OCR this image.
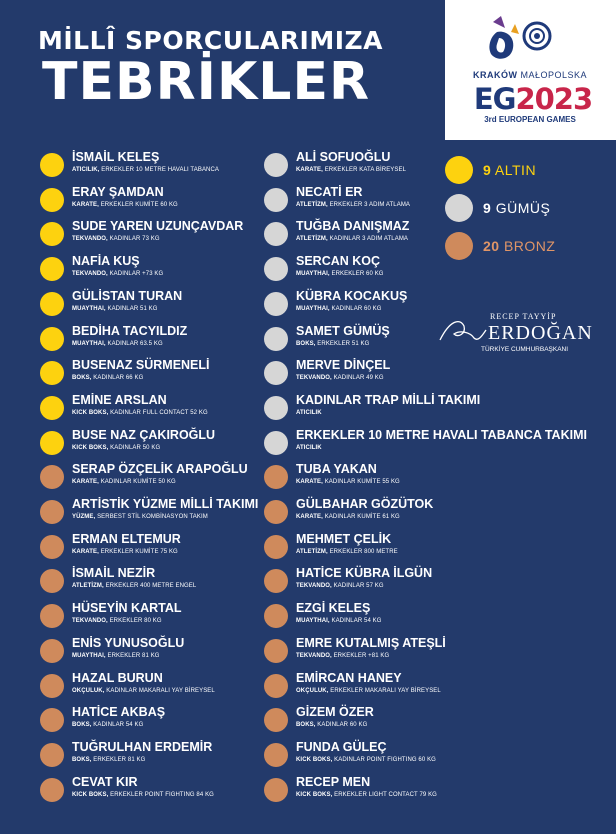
MİLLÎ SPORCULARIMIZA
TEBRİKLER	KRAKÓW MAŁOPOLSKA
EG2023
3rd EUROPEAN GAMES
İSMAİL KELEŞ
ATICILIK, ERKEKLER 10 METRE HAVALI TABANCA
ERAY ŞAMDAN
KARATE, ERKEKLER KUMİTE 60 KG
SUDE YAREN UZUNÇAVDAR
TEKVANDO, KADINLAR 73 KG
NAFİA KUŞ
TEKVANDO, KADINLAR +73 KG
GÜLİSTAN TURAN
MUAYTHAI, KADINLAR 51 KG
BEDİHA TACYILDIZ
MUAYTHAI, KADINLAR 63.5 KG
BUSENAZ SÜRMENELİ
BOKS, KADINLAR 66 KG
EMİNE ARSLAN
KICK BOKS, KADINLAR FULL CONTACT 52 KG
BUSE NAZ ÇAKIROĞLU
KICK BOKS, KADINLAR 50 KG
SERAP ÖZÇELİK ARAPOĞLU
KARATE, KADINLAR KUMİTE 50 KG
ARTİSTİK YÜZME MİLLİ TAKIMI
YÜZME, SERBEST STİL KOMBİNASYON TAKIM
ERMAN ELTEMUR
KARATE, ERKEKLER KUMİTE 75 KG
İSMAİL NEZİR
ATLETİZM, ERKEKLER 400 METRE ENGEL
HÜSEYİN KARTAL
TEKVANDO, ERKEKLER 80 KG
ENİS YUNUSOĞLU
MUAYTHAI, ERKEKLER 81 KG
HAZAL BURUN
OKÇULUK, KADINLAR MAKARALI YAY BİREYSEL
HATİCE AKBAŞ
BOKS, KADINLAR 54 KG
TUĞRULHAN ERDEMİR
BOKS, ERKEKLER 81 KG
CEVAT KIR
KICK BOKS, ERKEKLER POINT FIGHTING 84 KG
ALİ SOFUOĞLU
KARATE, ERKEKLER KATA BİREYSEL
NECATİ ER
ATLETİZM, ERKEKLER 3 ADIM ATLAMA
TUĞBA DANIŞMAZ
ATLETİZM, KADINLAR 3 ADIM ATLAMA
SERCAN KOÇ
MUAYTHAI, ERKEKLER 60 KG
KÜBRA KOCAKUŞ
MUAYTHAI, KADINLAR 60 KG
SAMET GÜMÜŞ
BOKS, ERKEKLER 51 KG
MERVE DİNÇEL
TEKVANDO, KADINLAR 49 KG
KADINLAR TRAP MİLLİ TAKIMI
ATICILIK
ERKEKLER 10 METRE HAVALI TABANCA TAKIMI
ATICILIK
TUBA YAKAN
KARATE, KADINLAR KUMİTE 55 KG
GÜLBAHAR GÖZÜTOK
KARATE, KADINLAR KUMİTE 61 KG
MEHMET ÇELİK
ATLETİZM, ERKEKLER 800 METRE
HATİCE KÜBRA İLGÜN
TEKVANDO, KADINLAR 57 KG
EZGİ KELEŞ
MUAYTHAI, KADINLAR 54 KG
EMRE KUTALMIŞ ATEŞLİ
TEKVANDO, ERKEKLER +81 KG
EMİRCAN HANEY
OKÇULUK, ERKEKLER MAKARALI YAY BİREYSEL
GİZEM ÖZER
BOKS, KADINLAR 60 KG
FUNDA GÜLEÇ
KICK BOKS, KADINLAR POINT FIGHTING 60 KG
RECEP MEN
KICK BOKS, ERKEKLER LIGHT CONTACT 79 KG
9 ALTIN
9 GÜMÜŞ
20 BRONZ
RECEP TAYYİP
ERDOĞAN
TÜRKİYE CUMHURBAŞKANI
